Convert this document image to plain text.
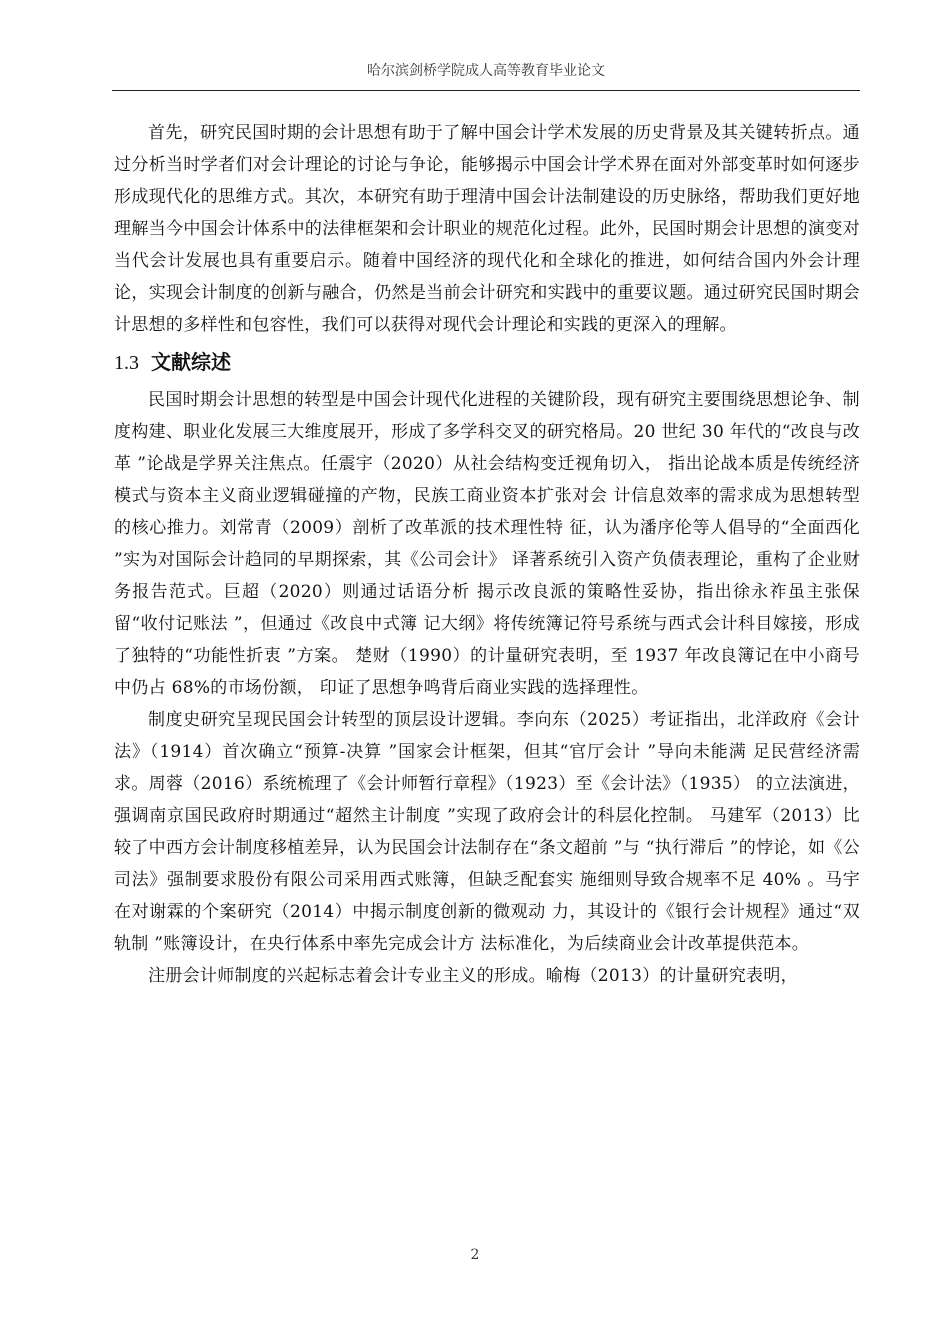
哈尔滨剑桥学院成人高等教育毕业论文

首先，研究民国时期的会计思想有助于了解中国会计学术发展的历史背景及其关键转折点。通过分析当时学者们对会计理论的讨论与争论，能够揭示中国会计学术界在面对外部变革时如何逐步形成现代化的思维方式。其次，本研究有助于理清中国会计法制建设的历史脉络，帮助我们更好地理解当今中国会计体系中的法律框架和会计职业的规范化过程。此外，民国时期会计思想的演变对当代会计发展也具有重要启示。随着中国经济的现代化和全球化的推进，如何结合国内外会计理论，实现会计制度的创新与融合，仍然是当前会计研究和实践中的重要议题。通过研究民国时期会计思想的多样性和包容性，我们可以获得对现代会计理论和实践的更深入的理解。

1.3 文献综述

民国时期会计思想的转型是中国会计现代化进程的关键阶段，现有研究主要围绕思想论争、制度构建、职业化发展三大维度展开，形成了多学科交叉的研究格局。20 世纪 30 年代的“改良与改革 ”论战是学界关注焦点。任震宇（2020）从社会结构变迁视角切入， 指出论战本质是传统经济模式与资本主义商业逻辑碰撞的产物，民族工商业资本扩张对会 计信息效率的需求成为思想转型的核心推力。刘常青（2009）剖析了改革派的技术理性特 征，认为潘序伦等人倡导的“全面西化 ”实为对国际会计趋同的早期探索，其《公司会计》 译著系统引入资产负债表理论，重构了企业财务报告范式。巨超（2020）则通过话语分析 揭示改良派的策略性妥协，指出徐永祚虽主张保留“收付记账法 ”，但通过《改良中式簿 记大纲》将传统簿记符号系统与西式会计科目嫁接，形成了独特的“功能性折衷 ”方案。 楚财（1990）的计量研究表明，至 1937 年改良簿记在中小商号中仍占 68%的市场份额， 印证了思想争鸣背后商业实践的选择理性。

制度史研究呈现民国会计转型的顶层设计逻辑。李向东（2025）考证指出，北洋政府《会计法》（1914）首次确立“预算-决算 ”国家会计框架，但其“官厅会计 ”导向未能满 足民营经济需求。周蓉（2016）系统梳理了《会计师暂行章程》（1923）至《会计法》（1935） 的立法演进，强调南京国民政府时期通过“超然主计制度 ”实现了政府会计的科层化控制。 马建军（2013）比较了中西方会计制度移植差异，认为民国会计法制存在“条文超前 ”与 “执行滞后 ”的悖论，如《公司法》强制要求股份有限公司采用西式账簿，但缺乏配套实 施细则导致合规率不足 40% 。马宇在对谢霖的个案研究（2014）中揭示制度创新的微观动 力，其设计的《银行会计规程》通过“双轨制 ”账簿设计，在央行体系中率先完成会计方 法标准化，为后续商业会计改革提供范本。

注册会计师制度的兴起标志着会计专业主义的形成。喻梅（2013）的计量研究表明，

2
